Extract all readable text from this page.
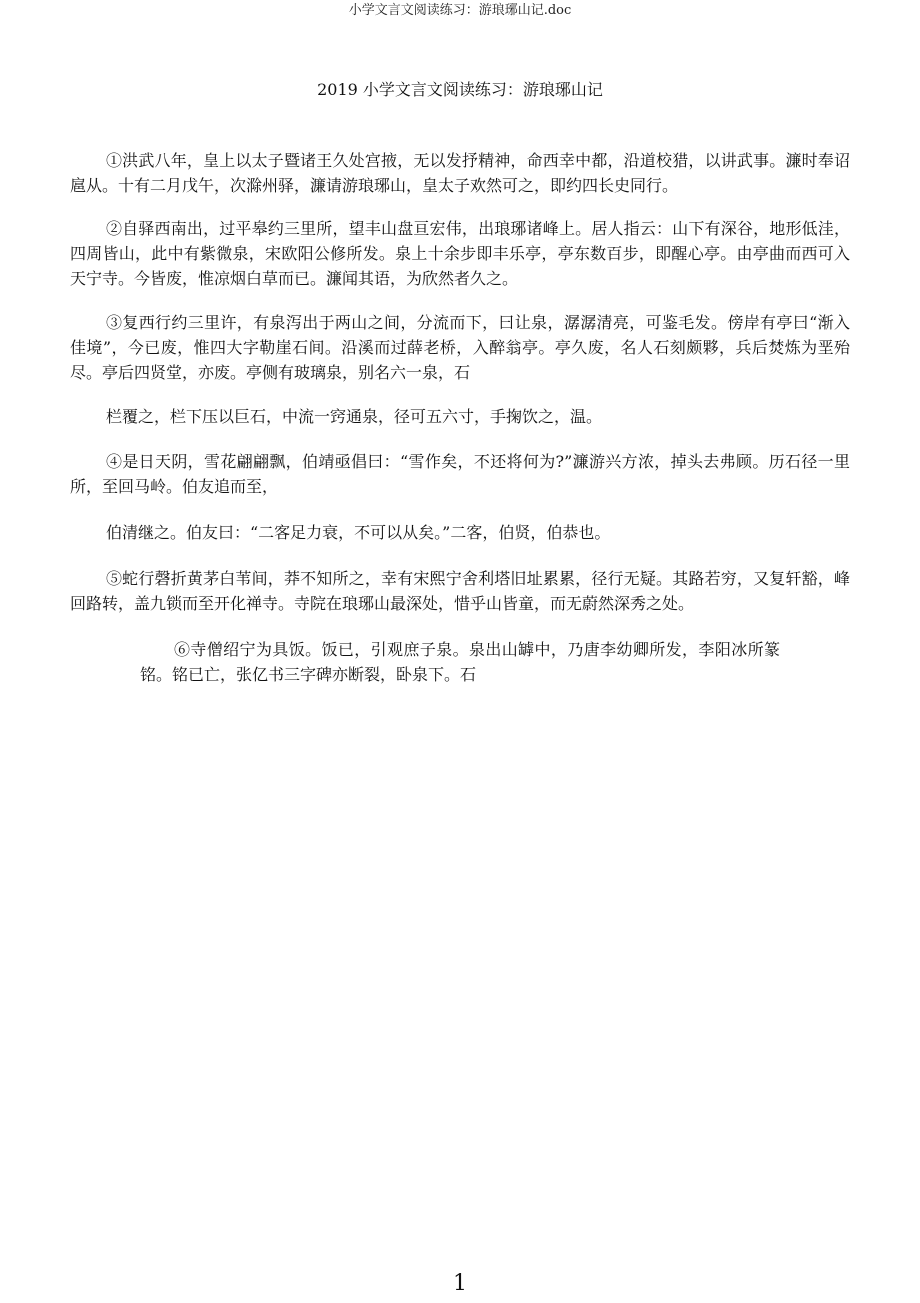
小学文言文阅读练习：游琅琊山记.doc
2019 小学文言文阅读练习：游琅琊山记

①洪武八年，皇上以太子暨诸王久处宫掖，无以发抒精神，命西幸中都，沿道校猎，以讲武事。濂时奉诏扈从。十有二月戊午，次滁州驿，濂请游琅琊山，皇太子欢然可之，即约四长史同行。

②自驿西南出，过平皋约三里所，望丰山盘亘宏伟，出琅琊诸峰上。居人指云：山下有深谷，地形低洼，四周皆山，此中有紫微泉，宋欧阳公修所发。泉上十余步即丰乐亭，亭东数百步，即醒心亭。由亭曲而西可入天宁寺。今皆废，惟凉烟白草而已。濂闻其语，为欣然者久之。

③复西行约三里许，有泉泻出于两山之间，分流而下，曰让泉，潺潺清亮，可鉴毛发。傍岸有亭曰“渐入佳境”，今已废，惟四大字勒崖石间。沿溪而过薛老桥，入醉翁亭。亭久废，名人石刻颇夥，兵后焚炼为垩殆尽。亭后四贤堂，亦废。亭侧有玻璃泉，别名六一泉，石

栏覆之，栏下压以巨石，中流一窍通泉，径可五六寸，手掬饮之，温。

④是日天阴，雪花翩翩飘，伯靖亟倡曰：“雪作矣，不还将何为?”濂游兴方浓，掉头去弗顾。历石径一里所，至回马岭。伯友追而至，

伯清继之。伯友曰：“二客足力衰，不可以从矣。”二客，伯贤，伯恭也。

⑤蛇行磬折黄茅白苇间，莽不知所之，幸有宋熙宁舍利塔旧址累累，径行无疑。其路若穷，又复轩豁，峰回路转，盖九锁而至开化禅寺。寺院在琅琊山最深处，惜乎山皆童，而无蔚然深秀之处。

⑥寺僧绍宁为具饭。饭已，引观庶子泉。泉出山罅中，乃唐李幼卿所发，李阳冰所篆铭。铭已亡，张亿书三字碑亦断裂，卧泉下。石

1
